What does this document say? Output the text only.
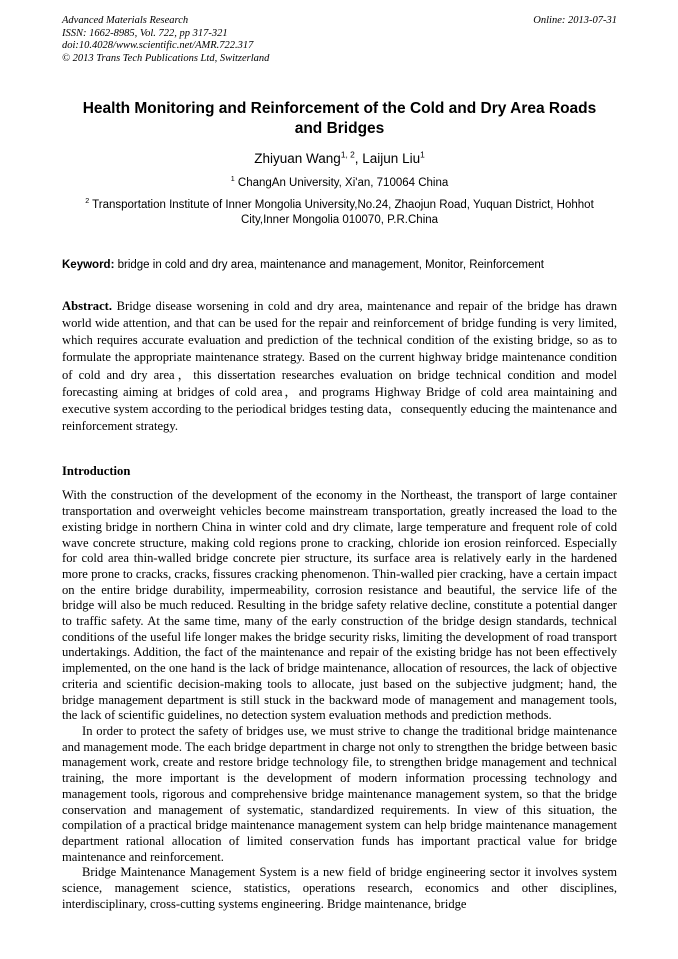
Advanced Materials Research
ISSN: 1662-8985, Vol. 722, pp 317-321
doi:10.4028/www.scientific.net/AMR.722.317
© 2013 Trans Tech Publications Ltd, Switzerland
Online: 2013-07-31
Health Monitoring and Reinforcement of the Cold and Dry Area Roads and Bridges
Zhiyuan Wang$^{1, 2}$, Laijun Liu$^1$
$^1$ ChangAn University, Xi'an, 710064 China
$^2$ Transportation Institute of Inner Mongolia University,No.24, Zhaojun Road, Yuquan District, Hohhot City,Inner Mongolia 010070, P.R.China
Keyword: bridge in cold and dry area, maintenance and management, Monitor, Reinforcement
Abstract. Bridge disease worsening in cold and dry area, maintenance and repair of the bridge has drawn world wide attention, and that can be used for the repair and reinforcement of bridge funding is very limited, which requires accurate evaluation and prediction of the technical condition of the existing bridge, so as to formulate the appropriate maintenance strategy. Based on the current highway bridge maintenance condition of cold and dry area，this dissertation researches evaluation on bridge technical condition and model forecasting aiming at bridges of cold area，and programs Highway Bridge of cold area maintaining and executive system according to the periodical bridges testing data，consequently educing the maintenance and reinforcement strategy.
Introduction

With the construction of the development of the economy in the Northeast, the transport of large container transportation and overweight vehicles become mainstream transportation, greatly increased the load to the existing bridge in northern China in winter cold and dry climate, large temperature and frequent role of cold wave concrete structure, making cold regions prone to cracking, chloride ion erosion reinforced. Especially for cold area thin-walled bridge concrete pier structure, its surface area is relatively early in the hardened more prone to cracks, cracks, fissures cracking phenomenon. Thin-walled pier cracking, have a certain impact on the entire bridge durability, impermeability, corrosion resistance and beautiful, the service life of the bridge will also be much reduced. Resulting in the bridge safety relative decline, constitute a potential danger to traffic safety. At the same time, many of the early construction of the bridge design standards, technical conditions of the useful life longer makes the bridge security risks, limiting the development of road transport undertakings. Addition, the fact of the maintenance and repair of the existing bridge has not been effectively implemented, on the one hand is the lack of bridge maintenance, allocation of resources, the lack of objective criteria and scientific decision-making tools to allocate, just based on the subjective judgment; hand, the bridge management department is still stuck in the backward mode of management and management tools, the lack of scientific guidelines, no detection system evaluation methods and prediction methods.

In order to protect the safety of bridges use, we must strive to change the traditional bridge maintenance and management mode. The each bridge department in charge not only to strengthen the bridge between basic management work, create and restore bridge technology file, to strengthen bridge management and technical training, the more important is the development of modern information processing technology and management tools, rigorous and comprehensive bridge maintenance management system, so that the bridge conservation and management of systematic, standardized requirements. In view of this situation, the compilation of a practical bridge maintenance management system can help bridge maintenance management department rational allocation of limited conservation funds has important practical value for bridge maintenance and reinforcement.

Bridge Maintenance Management System is a new field of bridge engineering sector it involves system science, management science, statistics, operations research, economics and other disciplines, interdisciplinary, cross-cutting systems engineering. Bridge maintenance, bridge
